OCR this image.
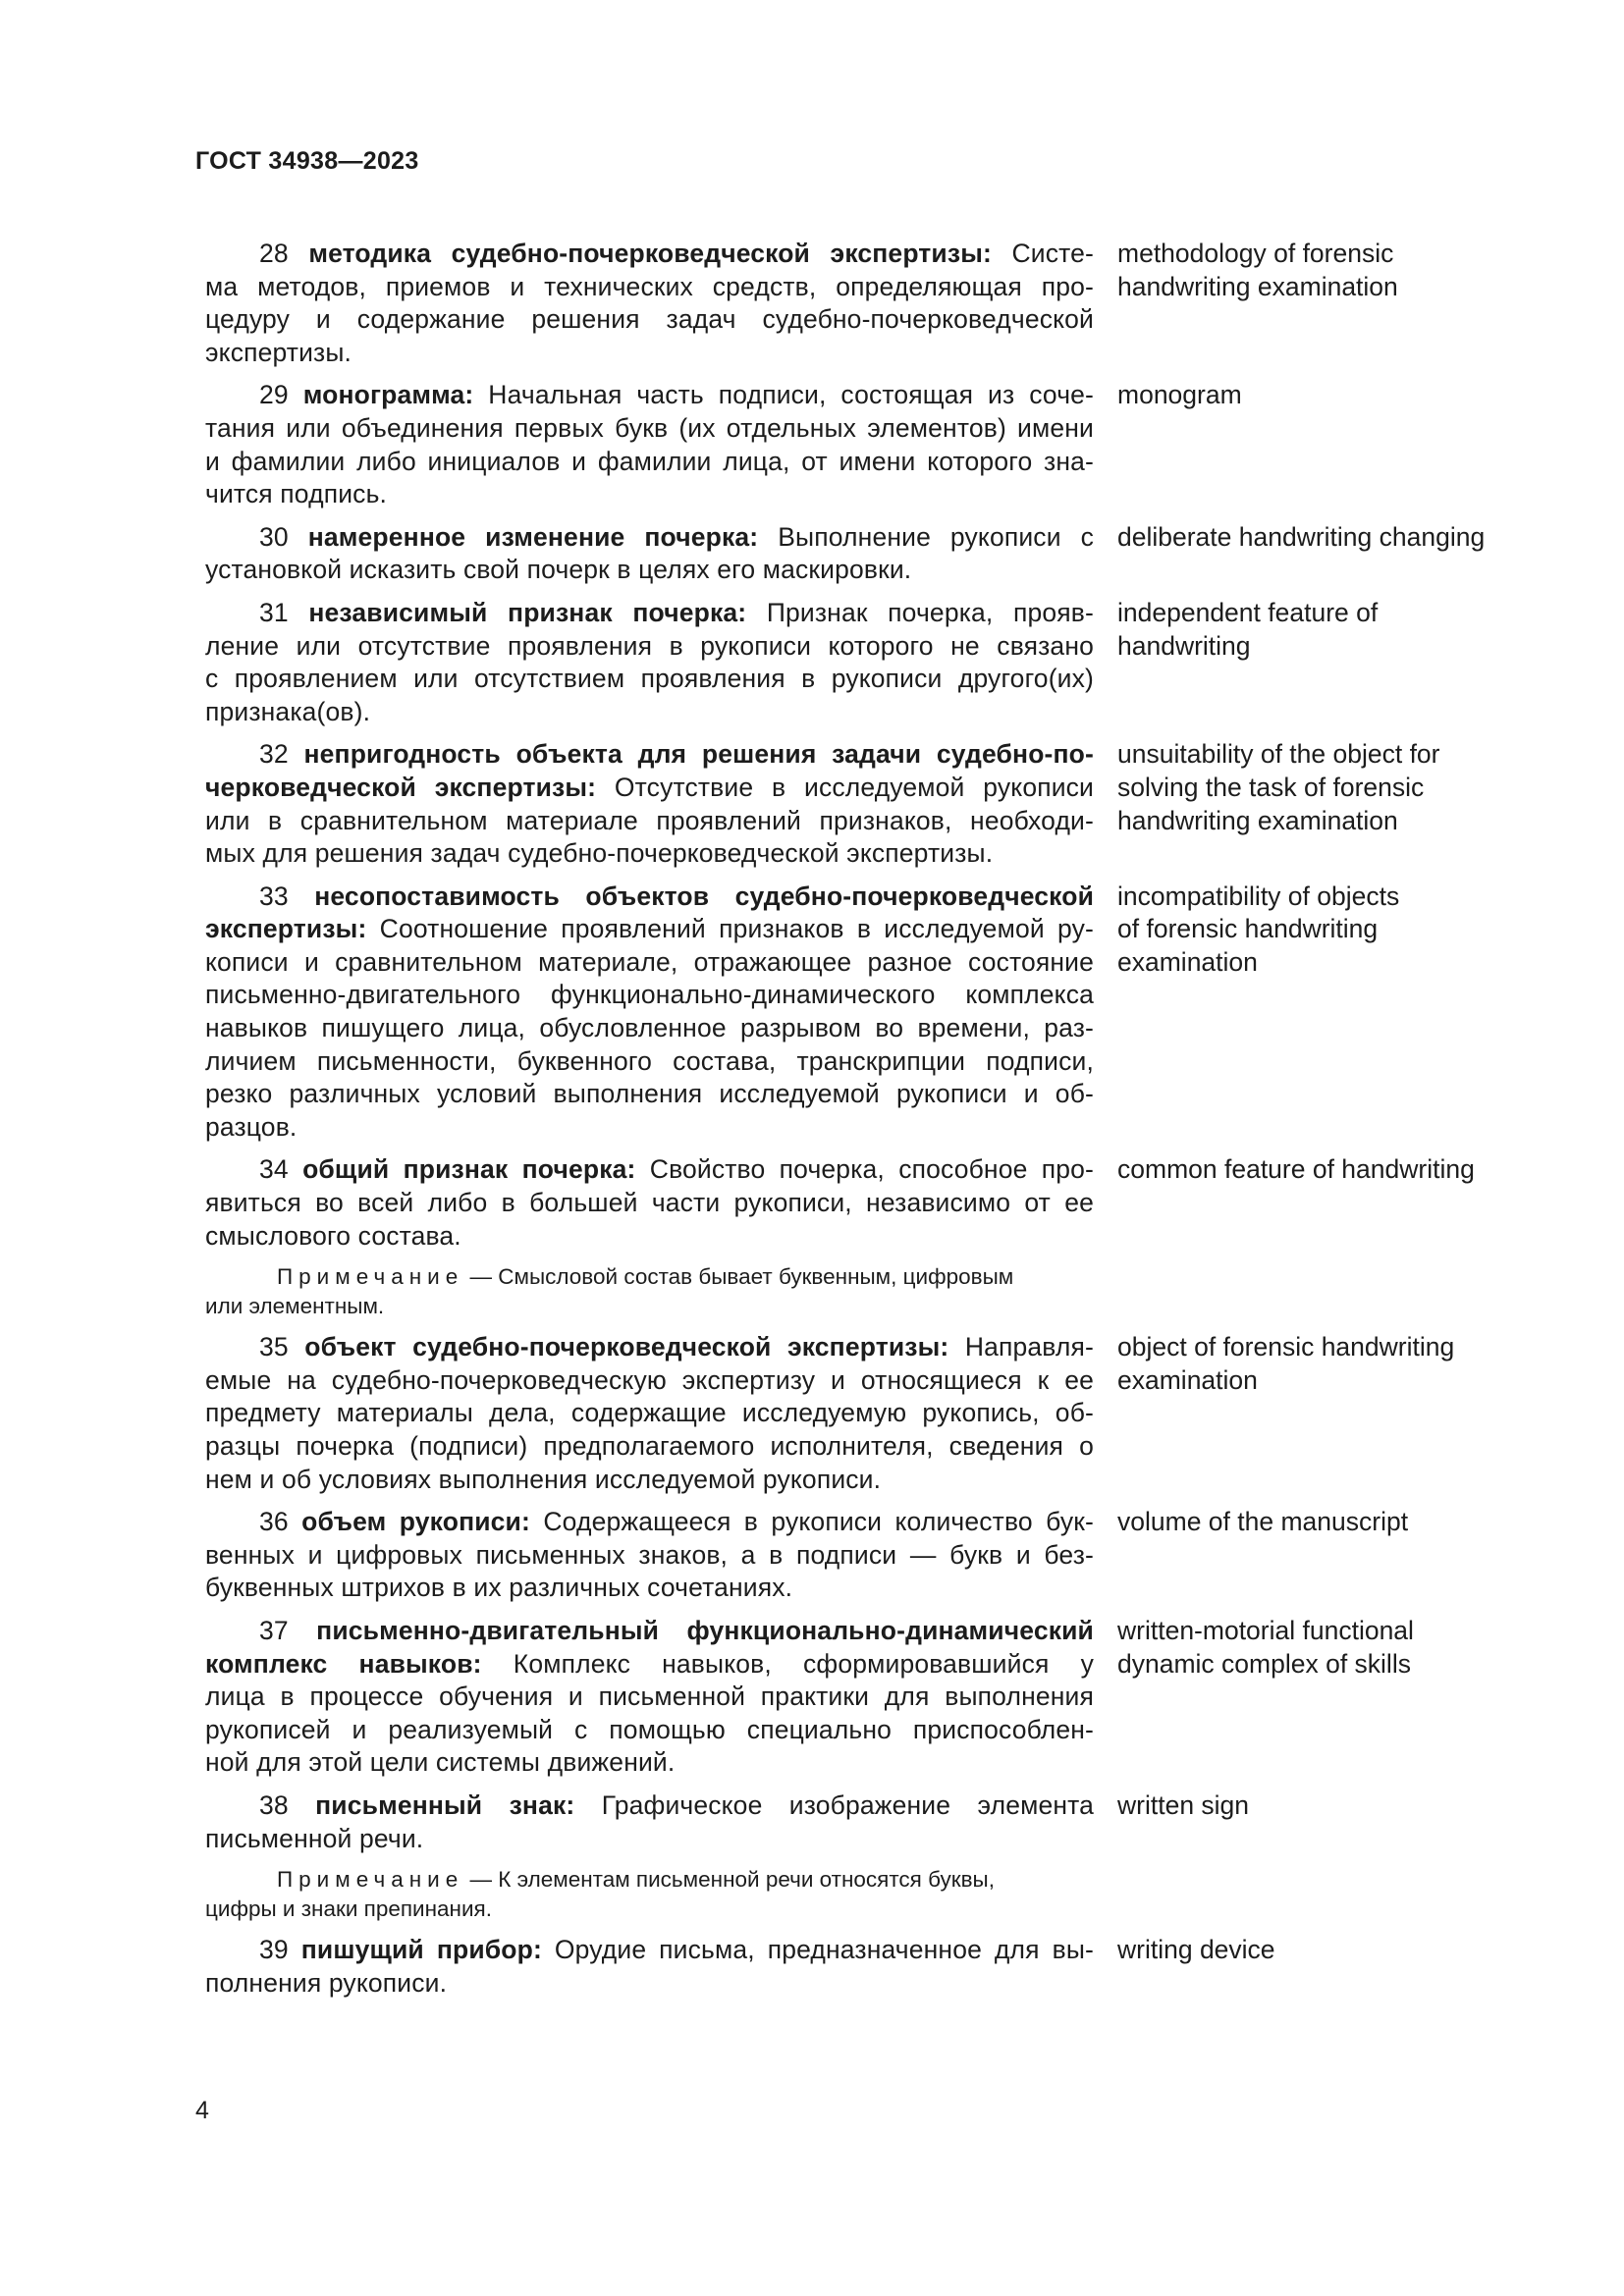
ГОСТ 34938—2023
28 методика судебно-почерковедческой экспертизы: Систе-
ма методов, приемов и технических средств, определяющая про-
цедуру и содержание решения задач судебно-почерковедческой
экспертизы.
methodology of forensic
handwriting examination
29 монограмма: Начальная часть подписи, состоящая из соче-
тания или объединения первых букв (их отдельных элементов) имени
и фамилии либо инициалов и фамилии лица, от имени которого зна-
чится подпись.
monogram
30 намеренное изменение почерка: Выполнение рукописи с
установкой исказить свой почерк в целях его маскировки.
deliberate handwriting changing
31 независимый признак почерка: Признак почерка, прояв-
ление или отсутствие проявления в рукописи которого не связано
с проявлением или отсутствием проявления в рукописи другого(их)
признака(ов).
independent feature of
handwriting
32 непригодность объекта для решения задачи судебно-по-
черковедческой экспертизы: Отсутствие в исследуемой рукописи
или в сравнительном материале проявлений признаков, необходи-
мых для решения задач судебно-почерковедческой экспертизы.
unsuitability of the object for
solving the task of forensic
handwriting examination
33 несопоставимость объектов судебно-почерковедческой
экспертизы: Соотношение проявлений признаков в исследуемой ру-
кописи и сравнительном материале, отражающее разное состояние
письменно-двигательного функционально-динамического комплекса
навыков пишущего лица, обусловленное разрывом во времени, раз-
личием письменности, буквенного состава, транскрипции подписи,
резко различных условий выполнения исследуемой рукописи и об-
разцов.
incompatibility of objects
of forensic handwriting
examination
34 общий признак почерка: Свойство почерка, способное про-
явиться во всей либо в большей части рукописи, независимо от ее
смыслового состава.
common feature of handwriting
Примечание — Смысловой состав бывает буквенным, цифровым
или элементным.
35 объект судебно-почерковедческой экспертизы: Направля-
емые на судебно-почерковедческую экспертизу и относящиеся к ее
предмету материалы дела, содержащие исследуемую рукопись, об-
разцы почерка (подписи) предполагаемого исполнителя, сведения о
нем и об условиях выполнения исследуемой рукописи.
object of forensic handwriting
examination
36 объем рукописи: Содержащееся в рукописи количество бук-
венных и цифровых письменных знаков, а в подписи — букв и без-
буквенных штрихов в их различных сочетаниях.
volume of the manuscript
37 письменно-двигательный функционально-динамический
комплекс навыков: Комплекс навыков, сформировавшийся у
лица в процессе обучения и письменной практики для выполнения
рукописей и реализуемый с помощью специально приспособлен-
ной для этой цели системы движений.
written-motorial functional
dynamic complex of skills
38 письменный знак: Графическое изображение элемента
письменной речи.
written sign
Примечание — К элементам письменной речи относятся буквы,
цифры и знаки препинания.
39 пишущий прибор: Орудие письма, предназначенное для вы-
полнения рукописи.
writing device
4
